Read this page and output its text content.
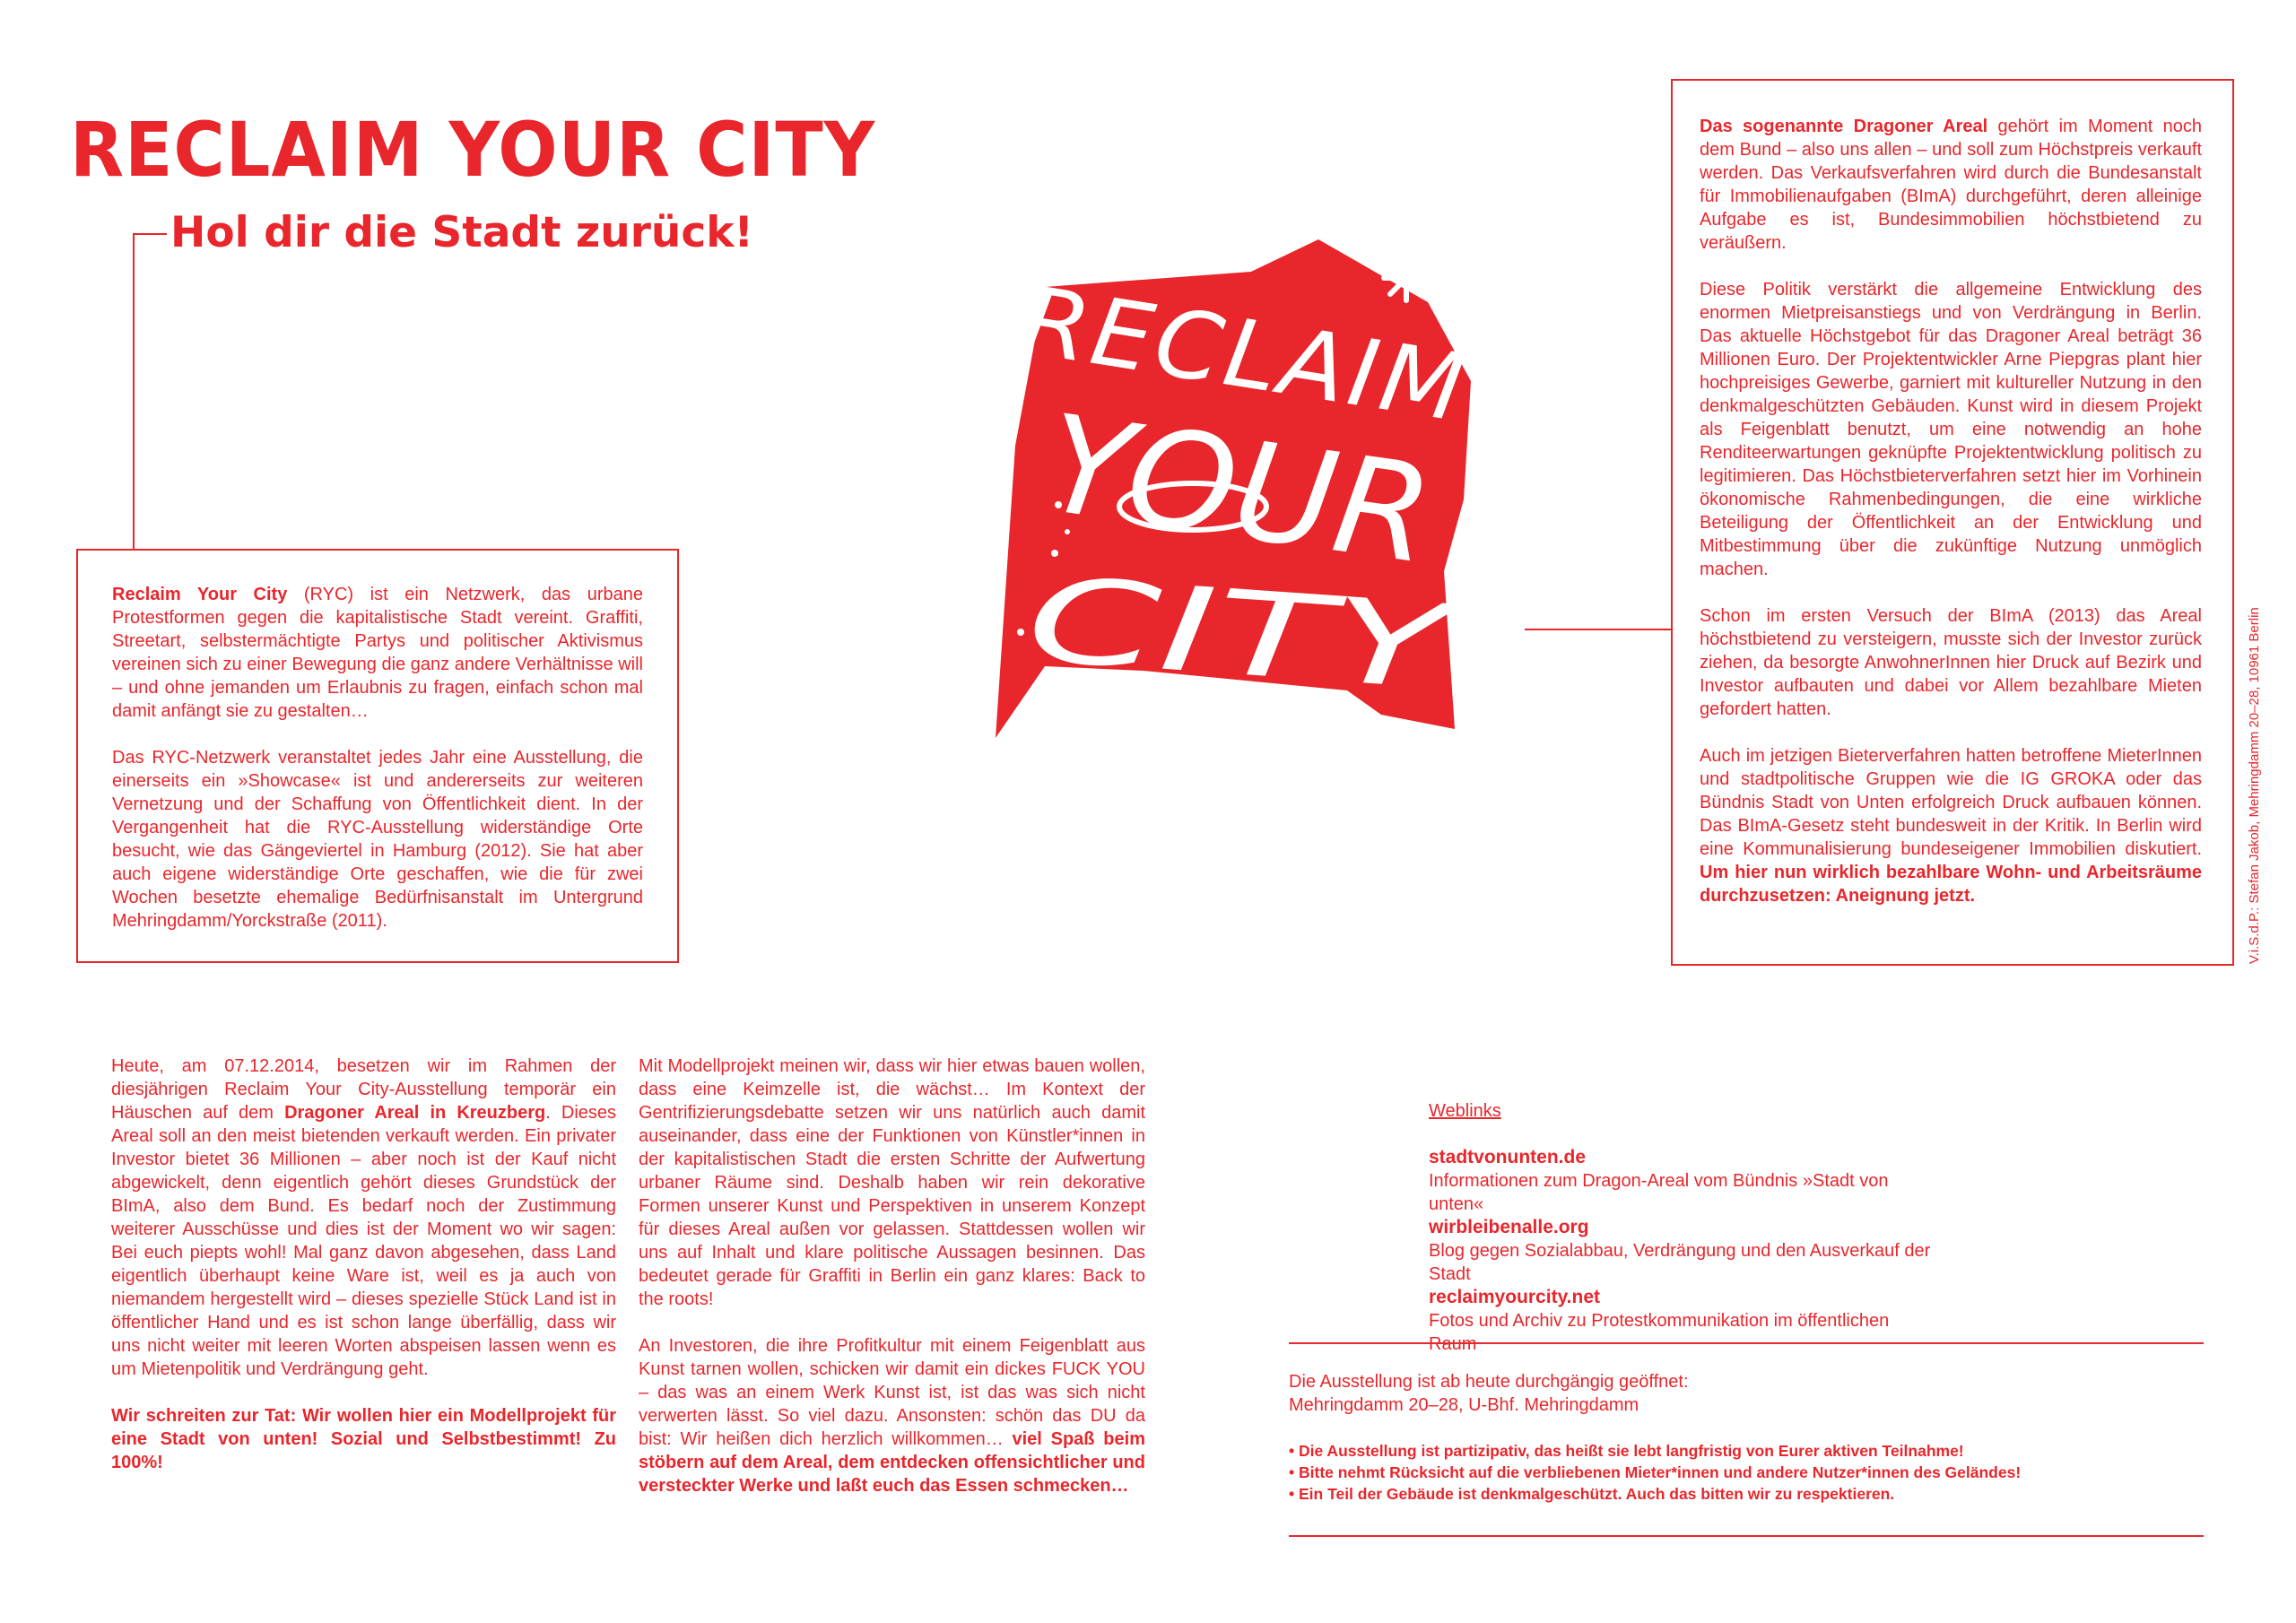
RECLAIM YOUR CITY
Hol dir die Stadt zurück!
RECLAIM
YOUR
CITY

Reclaim Your City (RYC) ist ein Netzwerk, das urbane Protestformen gegen die kapitalistische Stadt vereint. Graffiti, Streetart, selbstermächtigte Partys und politischer Aktivismus vereinen sich zu einer Bewegung die ganz andere Verhältnisse will – und ohne jemanden um Erlaubnis zu fragen, einfach schon mal damit anfängt sie zu gestalten…

Das RYC-Netzwerk veranstaltet jedes Jahr eine Ausstellung, die einerseits ein »Showcase« ist und andererseits zur weiteren Vernetzung und der Schaffung von Öffentlichkeit dient. In der Vergangenheit hat die RYC-Ausstellung widerständige Orte besucht, wie das Gängeviertel in Hamburg (2012). Sie hat aber auch eigene widerständige Orte geschaffen, wie die für zwei Wochen besetzte ehemalige Bedürfnisanstalt im Untergrund Mehringdamm/Yorckstraße (2011).

Das sogenannte Dragoner Areal gehört im Moment noch dem Bund – also uns allen – und soll zum Höchstpreis verkauft werden. Das Verkaufsverfahren wird durch die Bundesanstalt für Immobilienaufgaben (BImA) durchgeführt, deren alleinige Aufgabe es ist, Bundesimmobilien höchstbietend zu veräußern.

Diese Politik verstärkt die allgemeine Entwicklung des enormen Mietpreisanstiegs und von Verdrängung in Berlin. Das aktuelle Höchstgebot für das Dragoner Areal beträgt 36 Millionen Euro. Der Projektentwickler Arne Piepgras plant hier hochpreisiges Gewerbe, garniert mit kultureller Nutzung in den denkmalgeschützten Gebäuden. Kunst wird in diesem Projekt als Feigenblatt benutzt, um eine notwendig an hohe Renditeerwartungen geknüpfte Projektentwicklung politisch zu legitimieren. Das Höchstbieterverfahren setzt hier im Vorhinein ökonomische Rahmenbedingungen, die eine wirkliche Beteiligung der Öffentlichkeit an der Entwicklung und Mitbestimmung über die zukünftige Nutzung unmöglich machen.

Schon im ersten Versuch der BImA (2013) das Areal höchstbietend zu versteigern, musste sich der Investor zurück ziehen, da besorgte AnwohnerInnen hier Druck auf Bezirk und Investor aufbauten und dabei vor Allem bezahlbare Mieten gefordert hatten.

Auch im jetzigen Bieterverfahren hatten betroffene MieterInnen und stadtpolitische Gruppen wie die IG GROKA oder das Bündnis Stadt von Unten erfolgreich Druck aufbauen können. Das BImA-Gesetz steht bundesweit in der Kritik. In Berlin wird eine Kommunalisierung bundeseigener Immobilien diskutiert. Um hier nun wirklich bezahlbare Wohn- und Arbeitsräume durchzusetzen: Aneignung jetzt.

Heute, am 07.12.2014, besetzen wir im Rahmen der diesjährigen Reclaim Your City-Ausstellung temporär ein Häuschen auf dem Dragoner Areal in Kreuzberg. Dieses Areal soll an den meist bietenden verkauft werden. Ein privater Investor bietet 36 Millionen – aber noch ist der Kauf nicht abgewickelt, denn eigentlich gehört dieses Grundstück der BImA, also dem Bund. Es bedarf noch der Zustimmung weiterer Ausschüsse und dies ist der Moment wo wir sagen: Bei euch piepts wohl! Mal ganz davon abgesehen, dass Land eigentlich überhaupt keine Ware ist, weil es ja auch von niemandem hergestellt wird – dieses spezielle Stück Land ist in öffentlicher Hand und es ist schon lange überfällig, dass wir uns nicht weiter mit leeren Worten abspeisen lassen wenn es um Mietenpolitik und Verdrängung geht.

Wir schreiten zur Tat: Wir wollen hier ein Modellprojekt für eine Stadt von unten! Sozial und Selbstbestimmt! Zu 100%!

Mit Modellprojekt meinen wir, dass wir hier etwas bauen wollen, dass eine Keimzelle ist, die wächst… Im Kontext der Gentrifizierungsdebatte setzen wir uns natürlich auch damit auseinander, dass eine der Funktionen von Künstler*innen in der kapitalistischen Stadt die ersten Schritte der Aufwertung urbaner Räume sind. Deshalb haben wir rein dekorative Formen unserer Kunst und Perspektiven in unserem Konzept für dieses Areal außen vor gelassen. Stattdessen wollen wir uns auf Inhalt und klare politische Aussagen besinnen. Das bedeutet gerade für Graffiti in Berlin ein ganz klares: Back to the roots!

An Investoren, die ihre Profitkultur mit einem Feigenblatt aus Kunst tarnen wollen, schicken wir damit ein dickes FUCK YOU – das was an einem Werk Kunst ist, ist das was sich nicht verwerten lässt. So viel dazu. Ansonsten: schön das DU da bist: Wir heißen dich herzlich willkommen… viel Spaß beim stöbern auf dem Areal, dem entdecken offensichtlicher und versteckter Werke und laßt euch das Essen schmecken…

Weblinks
stadtvonunten.de
Informationen zum Dragon-Areal vom Bündnis »Stadt von unten«
wirbleibenalle.org
Blog gegen Sozialabbau, Verdrängung und den Ausverkauf der Stadt
reclaimyourcity.net
Fotos und Archiv zu Protestkommunikation im öffentlichen Raum
Die Ausstellung ist ab heute durchgängig geöffnet:
Mehringdamm 20–28, U-Bhf. Mehringdamm
• Die Ausstellung ist partizipativ, das heißt sie lebt langfristig von Eurer aktiven Teilnahme!
• Bitte nehmt Rücksicht auf die verbliebenen Mieter*innen und andere Nutzer*innen des Geländes!
• Ein Teil der Gebäude ist denkmalgeschützt. Auch das bitten wir zu respektieren.
V.i.S.d.P.: Stefan Jakob, Mehringdamm 20–28, 10961 Berlin
